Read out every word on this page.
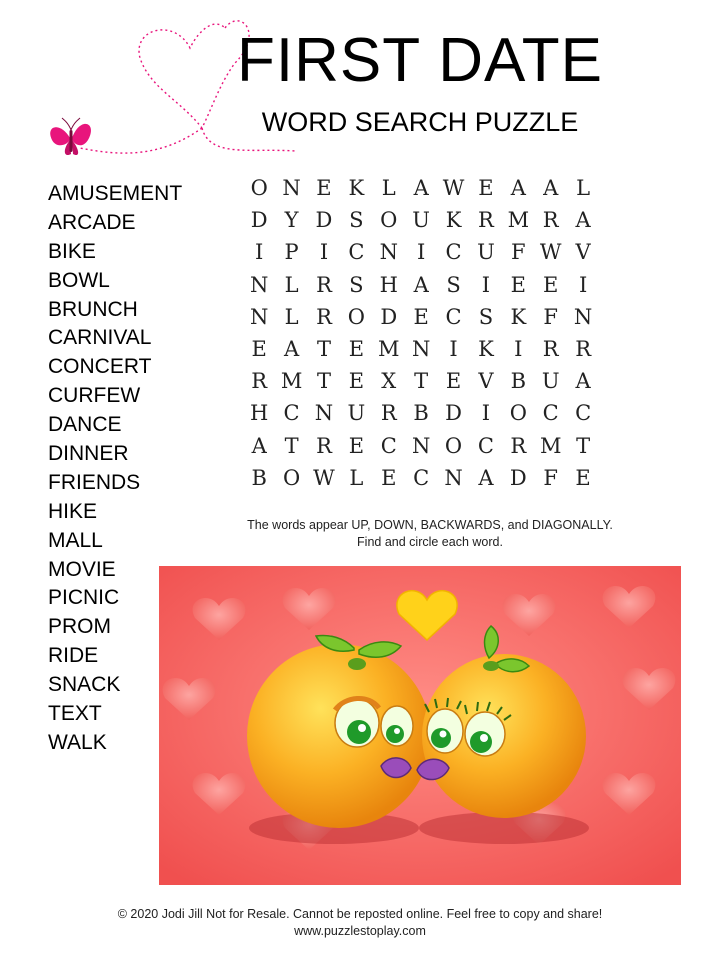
FIRST DATE
WORD SEARCH PUZZLE
AMUSEMENT
ARCADE
BIKE
BOWL
BRUNCH
CARNIVAL
CONCERT
CURFEW
DANCE
DINNER
FRIENDS
HIKE
MALL
MOVIE
PICNIC
PROM
RIDE
SNACK
TEXT
WALK
O N E K L A W E A A L
D Y D S O U K R M R A
I	P	I C N I C U F W V
N L R S H A S	I E E I
N L R O D E C S K F N
E A T E M N I K I R R
R M T E X T E V B U A
H C N U R B D I O C C
A T R E C N O C R M T
B O W L E C N A D F E
The words appear UP, DOWN, BACKWARDS, and DIAGONALLY.
Find and circle each word.
© 2020 Jodi Jill Not for Resale. Cannot be reposted online. Feel free to copy and share!
www.puzzlestoplay.com
